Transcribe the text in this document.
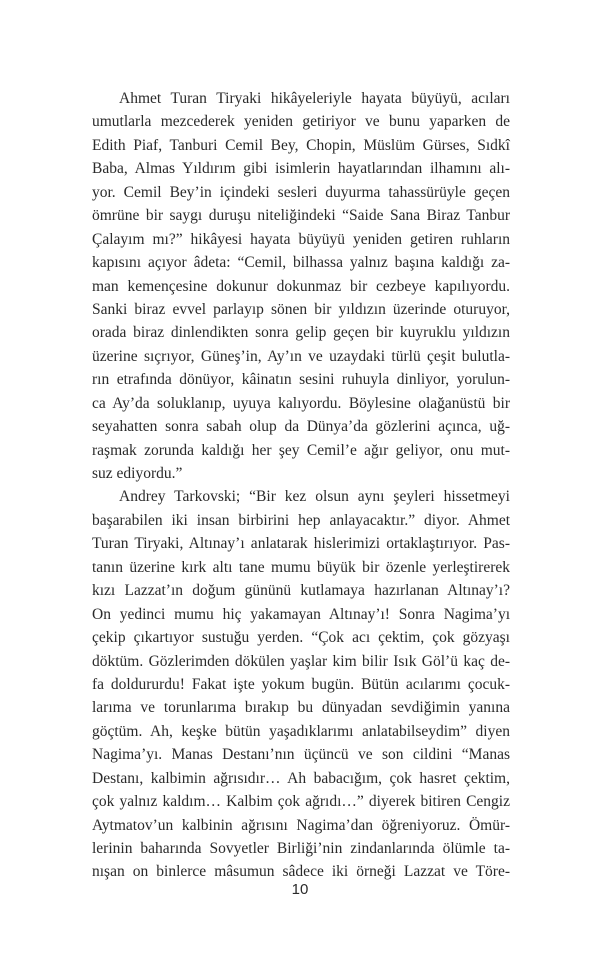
Ahmet Turan Tiryaki hikâyeleriyle hayata büyüyü, acıları
umutlarla mezcederek yeniden getiriyor ve bunu yaparken de
Edith Piaf, Tanburi Cemil Bey, Chopin, Müslüm Gürses, Sıdkî
Baba, Almas Yıldırım gibi isimlerin hayatlarından ilhamını alı-
yor. Cemil Bey’in içindeki sesleri duyurma tahassürüyle geçen
ömrüne bir saygı duruşu niteliğindeki “Saide Sana Biraz Tanbur
Çalayım mı?” hikâyesi hayata büyüyü yeniden getiren ruhların
kapısını açıyor âdeta: “Cemil, bilhassa yalnız başına kaldığı za-
man kemençesine dokunur dokunmaz bir cezbeye kapılıyordu.
Sanki biraz evvel parlayıp sönen bir yıldızın üzerinde oturuyor,
orada biraz dinlendikten sonra gelip geçen bir kuyruklu yıldızın
üzerine sıçrıyor, Güneş’in, Ay’ın ve uzaydaki türlü çeşit bulutla-
rın etrafında dönüyor, kâinatın sesini ruhuyla dinliyor, yorulun-
ca Ay’da soluklanıp, uyuya kalıyordu. Böylesine olağanüstü bir
seyahatten sonra sabah olup da Dünya’da gözlerini açınca, uğ-
raşmak zorunda kaldığı her şey Cemil’e ağır geliyor, onu mut-
suz ediyordu.”
Andrey Tarkovski; “Bir kez olsun aynı şeyleri hissetmeyi
başarabilen iki insan birbirini hep anlayacaktır.” diyor. Ahmet
Turan Tiryaki, Altınay’ı anlatarak hislerimizi ortaklaştırıyor. Pas-
tanın üzerine kırk altı tane mumu büyük bir özenle yerleştirerek
kızı Lazzat’ın doğum gününü kutlamaya hazırlanan Altınay’ı?
On yedinci mumu hiç yakamayan Altınay’ı! Sonra Nagima’yı
çekip çıkartıyor sustuğu yerden. “Çok acı çektim, çok gözyaşı
döktüm. Gözlerimden dökülen yaşlar kim bilir Isık Göl’ü kaç de-
fa doldururdu! Fakat işte yokum bugün. Bütün acılarımı çocuk-
larıma ve torunlarıma bırakıp bu dünyadan sevdiğimin yanına
göçtüm. Ah, keşke bütün yaşadıklarımı anlatabilseydim” diyen
Nagima’yı. Manas Destanı’nın üçüncü ve son cildini “Manas
Destanı, kalbimin ağrısıdır… Ah babacığım, çok hasret çektim,
çok yalnız kaldım… Kalbim çok ağrıdı…” diyerek bitiren Cengiz
Aytmatov’un kalbinin ağrısını Nagima’dan öğreniyoruz. Ömür-
lerinin baharında Sovyetler Birliği’nin zindanlarında ölümle ta-
nışan on binlerce mâsumun sâdece iki örneği Lazzat ve Töre-
10
